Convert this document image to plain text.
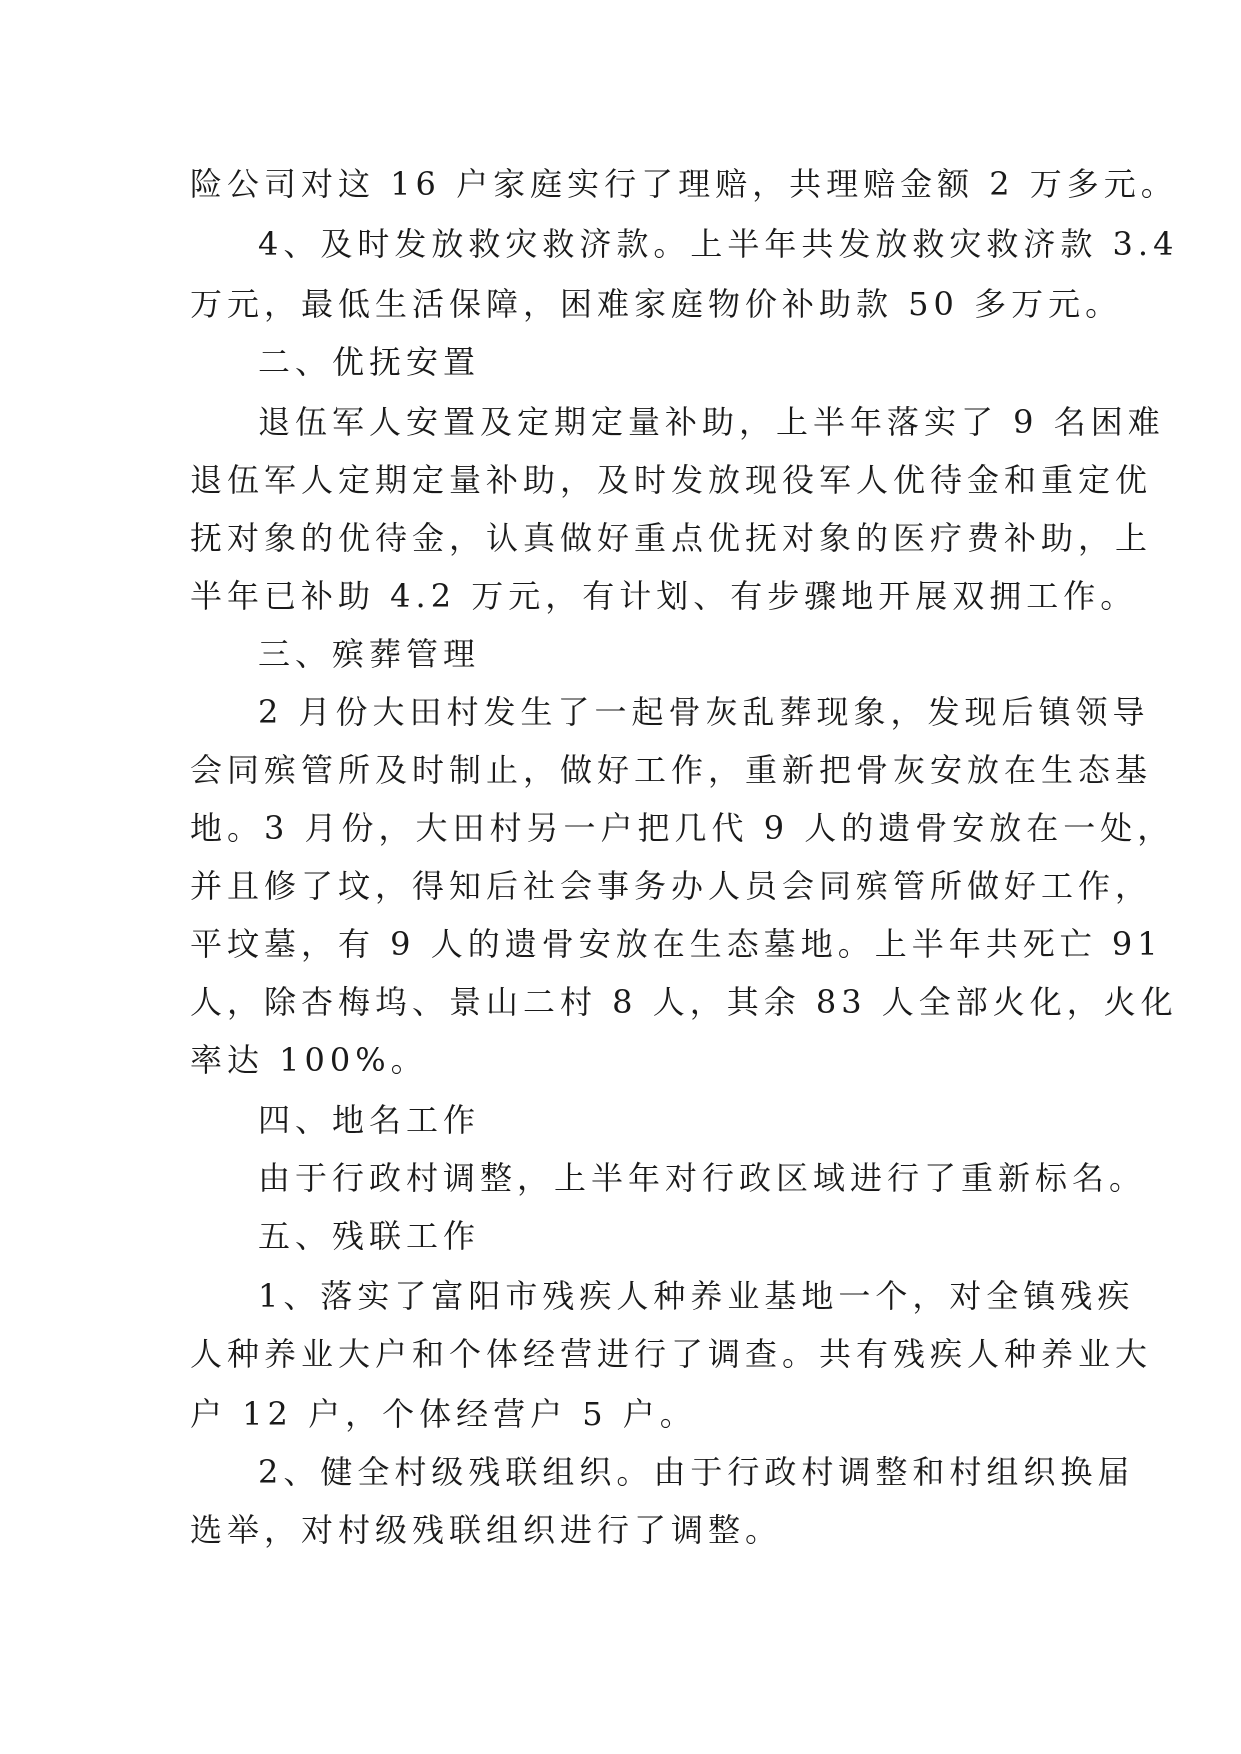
险公司对这 16 户家庭实行了理赔，共理赔金额 2 万多元。
4、及时发放救灾救济款。上半年共发放救灾救济款 3.4
万元，最低生活保障，困难家庭物价补助款 50 多万元。
二、优抚安置
退伍军人安置及定期定量补助，上半年落实了 9 名困难
退伍军人定期定量补助，及时发放现役军人优待金和重定优
抚对象的优待金，认真做好重点优抚对象的医疗费补助，上
半年已补助 4.2 万元，有计划、有步骤地开展双拥工作。
三、殡葬管理
2 月份大田村发生了一起骨灰乱葬现象，发现后镇领导
会同殡管所及时制止，做好工作，重新把骨灰安放在生态基
地。3 月份，大田村另一户把几代 9 人的遗骨安放在一处，
并且修了坟，得知后社会事务办人员会同殡管所做好工作，
平坟墓，有 9 人的遗骨安放在生态墓地。上半年共死亡 91
人，除杏梅坞、景山二村 8 人，其余 83 人全部火化，火化
率达 100%。
四、地名工作
由于行政村调整，上半年对行政区域进行了重新标名。
五、残联工作
1、落实了富阳市残疾人种养业基地一个，对全镇残疾
人种养业大户和个体经营进行了调查。共有残疾人种养业大
户 12 户，个体经营户 5 户。
2、健全村级残联组织。由于行政村调整和村组织换届
选举，对村级残联组织进行了调整。
